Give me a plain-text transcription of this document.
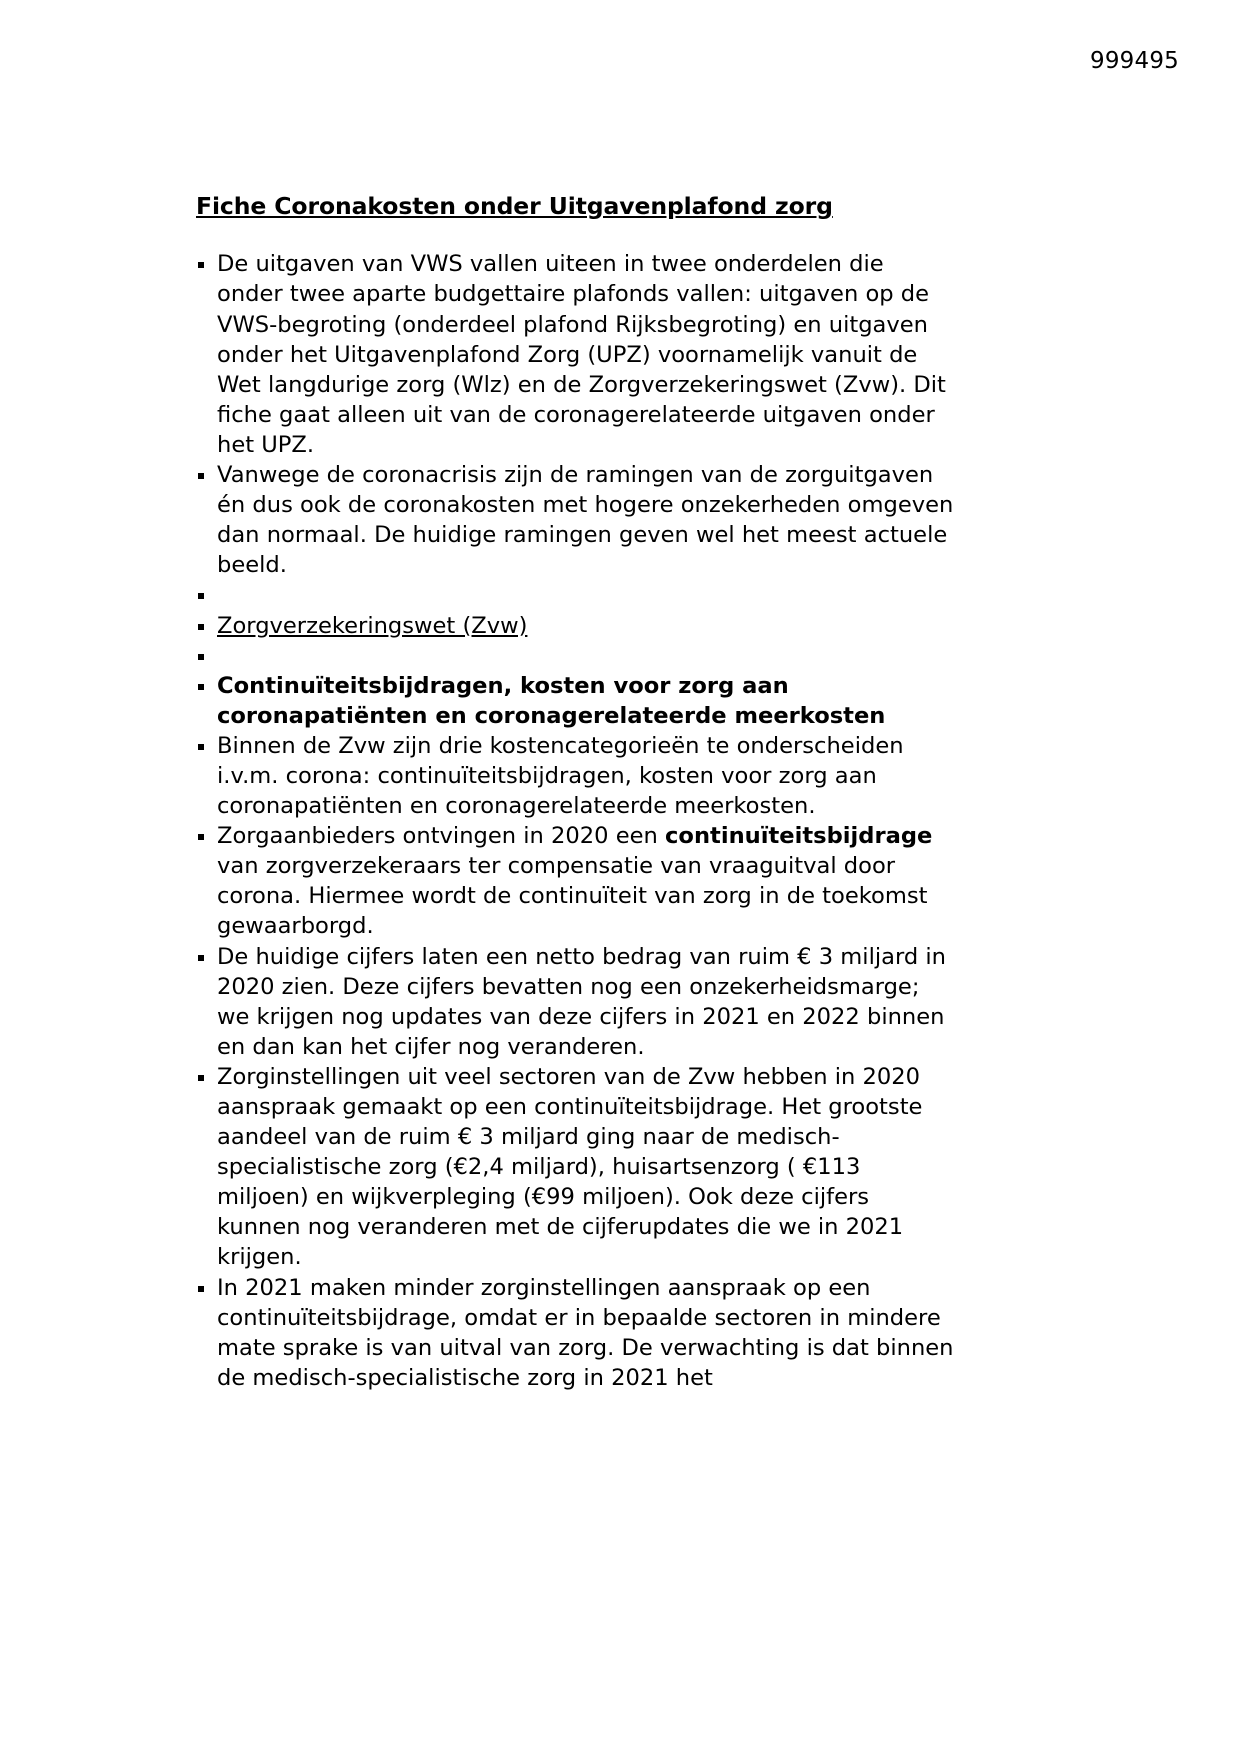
999495
Fiche Coronakosten onder Uitgavenplafond zorg
De uitgaven van VWS vallen uiteen in twee onderdelen die onder twee aparte budgettaire plafonds vallen: uitgaven op de VWS-begroting (onderdeel plafond Rijksbegroting) en uitgaven onder het Uitgavenplafond Zorg (UPZ) voornamelijk vanuit de Wet langdurige zorg (Wlz) en de Zorgverzekeringswet (Zvw). Dit fiche gaat alleen uit van de coronagerelateerde uitgaven onder het UPZ.
Vanwege de coronacrisis zijn de ramingen van de zorguitgaven én dus ook de coronakosten met hogere onzekerheden omgeven dan normaal. De huidige ramingen geven wel het meest actuele beeld.
Zorgverzekeringswet (Zvw)
Continuïteitsbijdragen, kosten voor zorg aan coronapatiënten en coronagerelateerde meerkosten
Binnen de Zvw zijn drie kostencategorieën te onderscheiden i.v.m. corona: continuïteitsbijdragen, kosten voor zorg aan coronapatiënten en coronagerelateerde meerkosten.
Zorgaanbieders ontvingen in 2020 een continuïteitsbijdrage van zorgverzekeraars ter compensatie van vraaguitval door corona. Hiermee wordt de continuïteit van zorg in de toekomst gewaarborgd.
De huidige cijfers laten een netto bedrag van ruim € 3 miljard in 2020 zien. Deze cijfers bevatten nog een onzekerheidsmarge; we krijgen nog updates van deze cijfers in 2021 en 2022 binnen en dan kan het cijfer nog veranderen.
Zorginstellingen uit veel sectoren van de Zvw hebben in 2020 aanspraak gemaakt op een continuïteitsbijdrage. Het grootste aandeel van de ruim € 3 miljard ging naar de medisch-specialistische zorg (€2,4 miljard), huisartsenzorg ( €113 miljoen) en wijkverpleging (€99 miljoen). Ook deze cijfers kunnen nog veranderen met de cijferupdates die we in 2021 krijgen.
In 2021 maken minder zorginstellingen aanspraak op een continuïteitsbijdrage, omdat er in bepaalde sectoren in mindere mate sprake is van uitval van zorg. De verwachting is dat binnen de medisch-specialistische zorg in 2021 het
